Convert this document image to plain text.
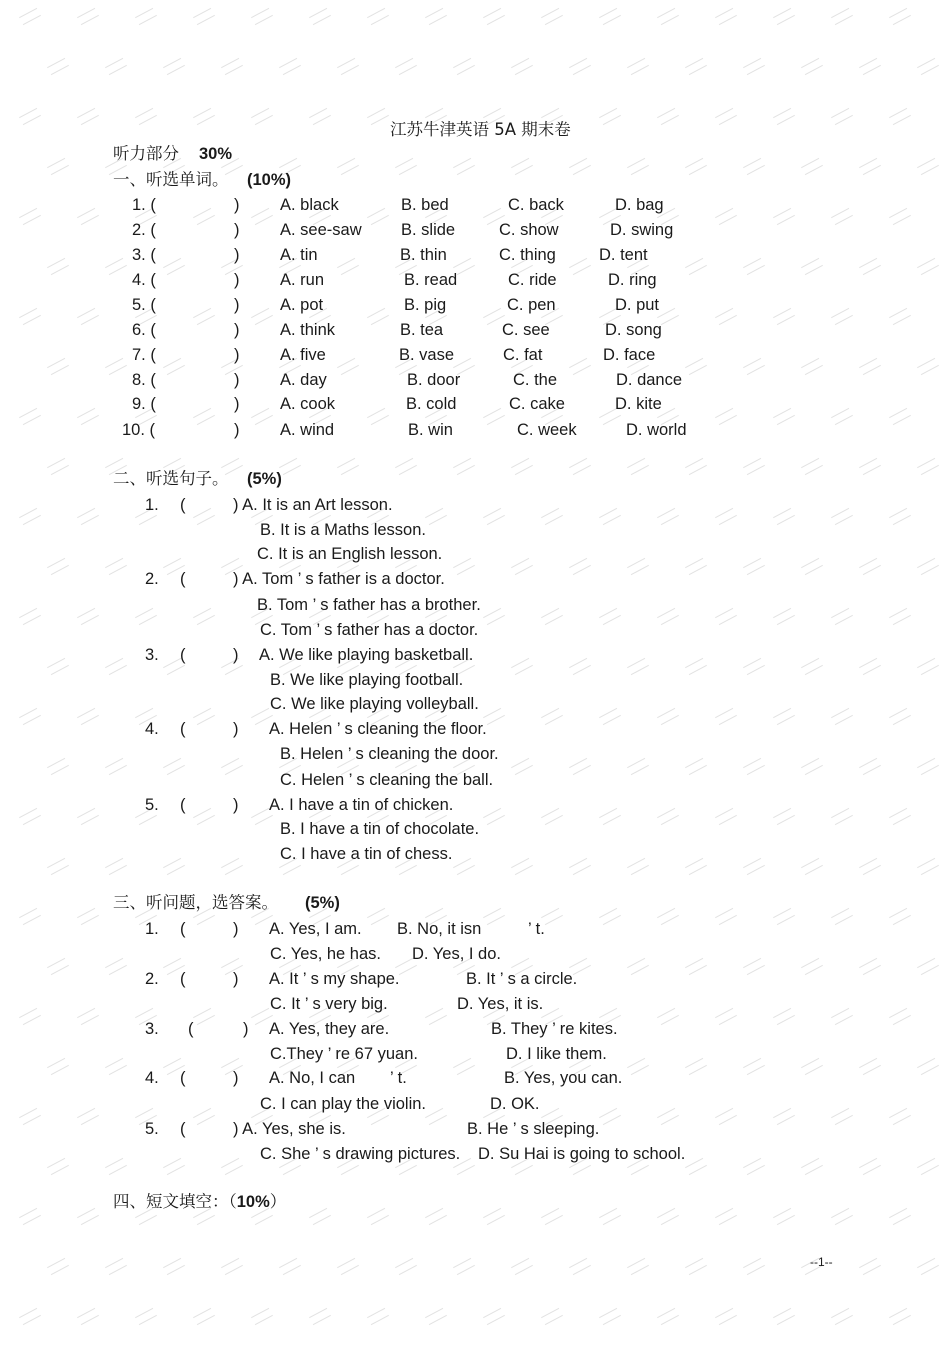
江苏牛津英语 5A 期末卷
听力部分 30%
一、听选单词。 (10%)
1. (	) A. black	B. bed	C. back	D. bag
2. (	) A. see-saw B. slide	C. show	D. swing
3. (	) A. tin	B. thin	C. thing	D. tent
4. (	) A. run	B. read	C. ride	D. ring
5. (	) A. pot	B. pig	C. pen	D. put
6. (	) A. think	B. tea	C. see	D. song
7. (	) A. five	B. vase	C. fat	D. face
8. (	) A. day	B. door	C. the	D. dance
9. (	) A. cook	B. cold	C. cake	D. kite
10. (	) A. wind	B. win	C. week	D. world
二、听选句子。 (5%)
1. (	) A. It is an Art lesson.
B. It is a Maths lesson.
C. It is an English lesson.
2. (	) A. Tom ’ s father is a doctor.
B. Tom ’ s father has a brother.
C. Tom ’ s father has a doctor.
3. (	) A. We like playing basketball.
B. We like playing football.
C. We like playing volleyball.
4. (	) A. Helen ’ s cleaning the floor.
B. Helen ’ s cleaning the door.
C. Helen ’ s cleaning the ball.
5. (	) A. I have a tin of chicken.
B. I have a tin of chocolate.
C. I have a tin of chess.
三、听问题，选答案。 (5%)
1. (	) A. Yes, I am. B. No, it isn	’ t.
C. Yes, he has. D. Yes, I do.
2. (	) A. It ’ s my shape.	B. It ’ s a circle.
C. It ’ s very big.	D. Yes, it is.
3. (	) A. Yes, they are.	B. They ’ re kites.
C.They ’ re 67 yuan.	D. I like them.
4. (	) A. No, I can ’ t.	B. Yes, you can.
C. I can play the violin.	D. OK.
5. (	) A. Yes, she is.	B. He ’ s sleeping.
C. She ’ s drawing pictures. D. Su Hai is going to school.
四、短文填空：（10%）
--1--
